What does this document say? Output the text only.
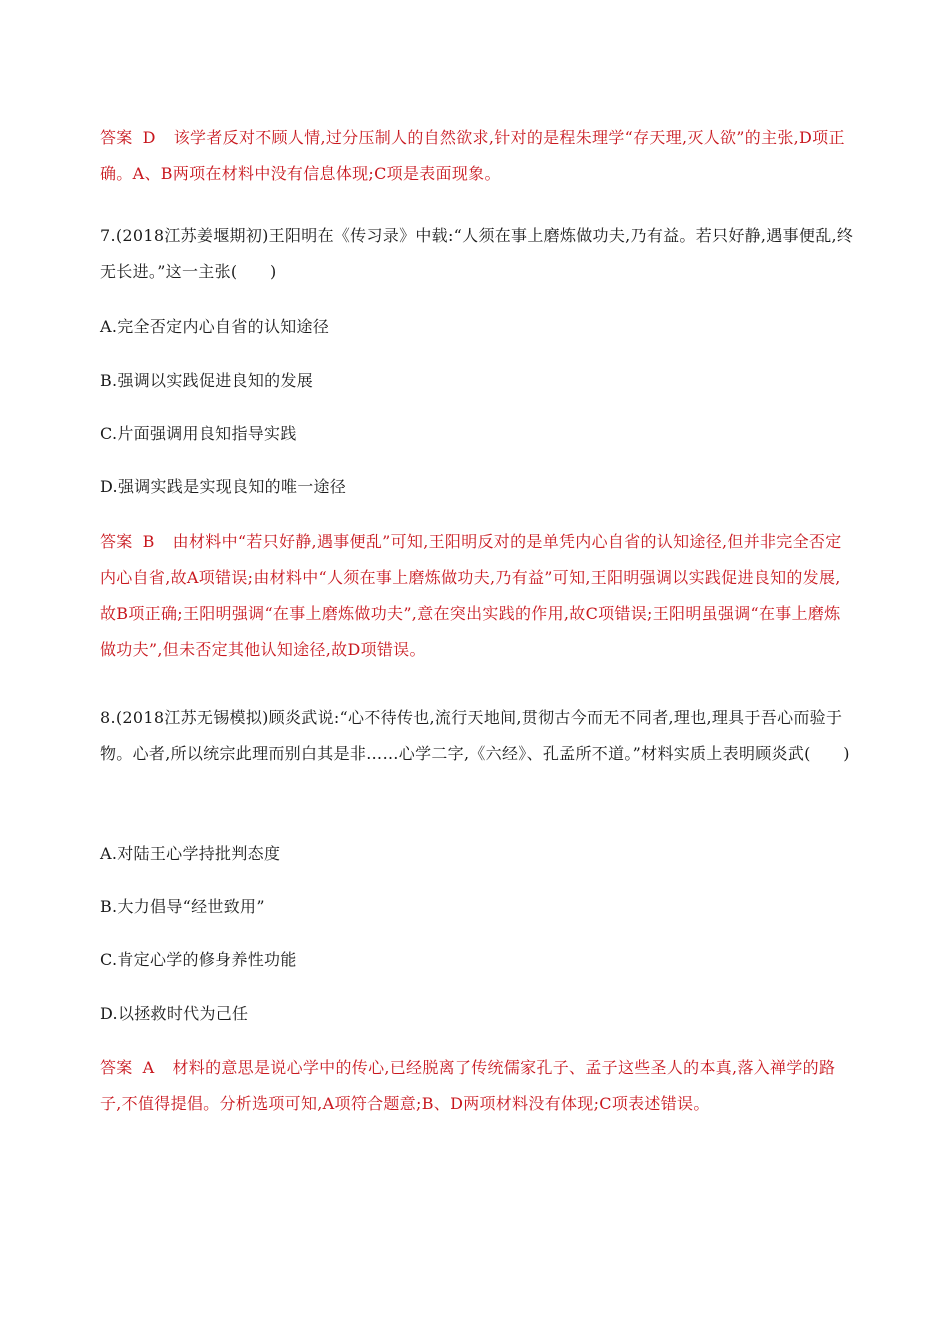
答案 D 该学者反对不顾人情,过分压制人的自然欲求,针对的是程朱理学“存天理,灭人欲”的主张,D项正确。A、B两项在材料中没有信息体现;C项是表面现象。
7.(2018江苏姜堰期初)王阳明在《传习录》中载:“人须在事上磨炼做功夫,乃有益。若只好静,遇事便乱,终无长进。”这一主张(　　)
A.完全否定内心自省的认知途径
B.强调以实践促进良知的发展
C.片面强调用良知指导实践
D.强调实践是实现良知的唯一途径
答案 B 由材料中“若只好静,遇事便乱”可知,王阳明反对的是单凭内心自省的认知途径,但并非完全否定内心自省,故A项错误;由材料中“人须在事上磨炼做功夫,乃有益”可知,王阳明强调以实践促进良知的发展,故B项正确;王阳明强调“在事上磨炼做功夫”,意在突出实践的作用,故C项错误;王阳明虽强调“在事上磨炼做功夫”,但未否定其他认知途径,故D项错误。
8.(2018江苏无锡模拟)顾炎武说:“心不待传也,流行天地间,贯彻古今而无不同者,理也,理具于吾心而验于物。心者,所以统宗此理而别白其是非……心学二字,《六经》、孔孟所不道。”材料实质上表明顾炎武(　　)
A.对陆王心学持批判态度
B.大力倡导“经世致用”
C.肯定心学的修身养性功能
D.以拯救时代为己任
答案 A 材料的意思是说心学中的传心,已经脱离了传统儒家孔子、孟子这些圣人的本真,落入禅学的路子,不值得提倡。分析选项可知,A项符合题意;B、D两项材料没有体现;C项表述错误。
